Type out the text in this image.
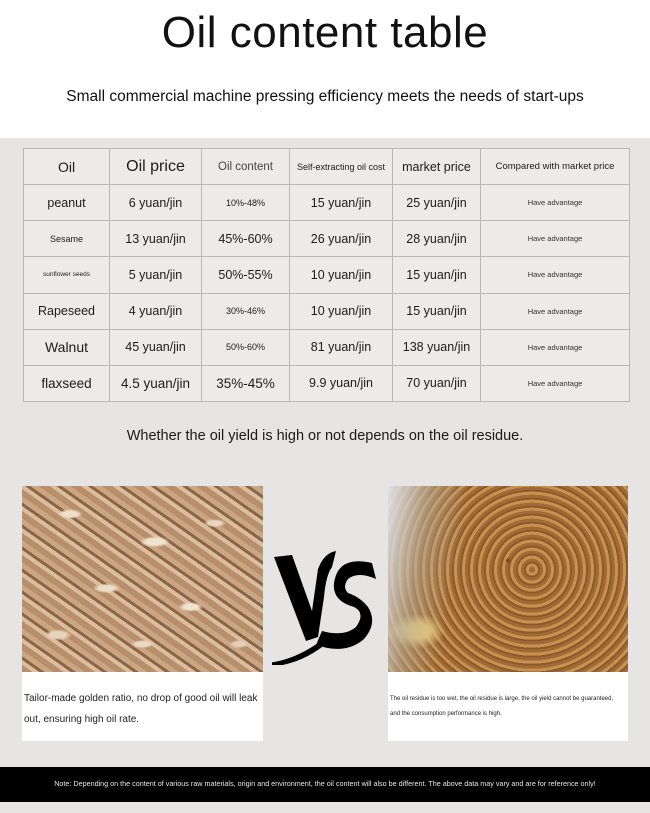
Oil content table
Small commercial machine pressing efficiency meets the needs of start-ups
Oil	Oil price	Oil content	Self-extracting oil cost	market price	Compared with market price
peanut	6 yuan/jin	10%-48%	15 yuan/jin	25 yuan/jin	Have advantage
Sesame	13 yuan/jin	45%-60%	26 yuan/jin	28 yuan/jin	Have advantage
sunflower seeds	5 yuan/jin	50%-55%	10 yuan/jin	15 yuan/jin	Have advantage
Rapeseed	4 yuan/jin	30%-46%	10 yuan/jin	15 yuan/jin	Have advantage
Walnut	45 yuan/jin	50%-60%	81 yuan/jin	138 yuan/jin	Have advantage
flaxseed	4.5 yuan/jin	35%-45%	9.9 yuan/jin	70 yuan/jin	Have advantage
Whether the oil yield is high or not depends on the oil residue.
Tailor-made golden ratio, no drop of good oil will leak out, ensuring high oil rate.
The oil residue is too wet, the oil residue is large, the oil yield cannot be guaranteed,
and the consumption performance is high.
Note: Depending on the content of various raw materials, origin and environment, the oil content will also be different. The above data may vary and are for reference only!
